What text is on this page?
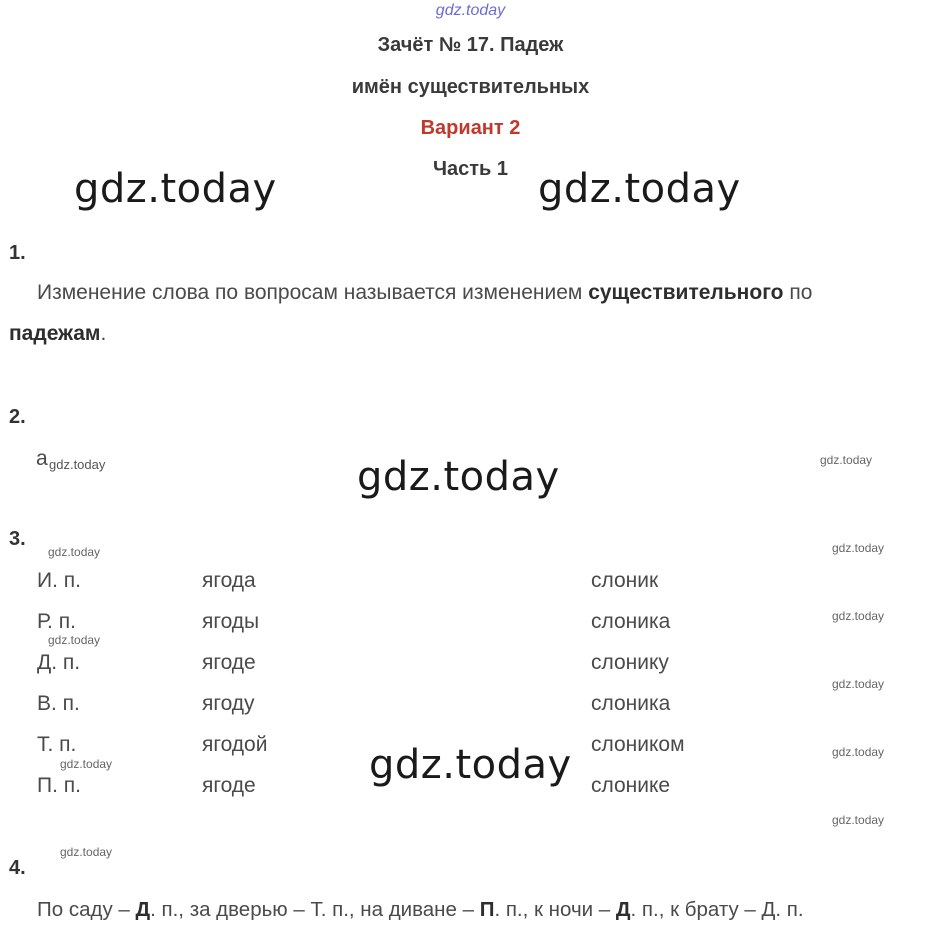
gdz.today
Зачёт № 17. Падеж
имён существительных
Вариант 2
Часть 1
gdz.today	gdz.today
gdz.today
gdz.today
1.
Изменение слова по вопросам называется изменением существительного по
падежам.
2.
а gdz.today	gdz.today
3.
gdz.today	gdz.today
И. п.	ягода	слоник
Р. п.	ягоды	слоника	gdz.today
gdz.today
Д. п.	ягоде	слонику
gdz.today
В. п.	ягоду	слоника
Т. п.	ягодой	слоником	gdz.today
gdz.today
П. п.	ягоде	слонике
gdz.today
gdz.today
4.
По саду – Д. п., за дверью – Т. п., на диване – П. п., к ночи – Д. п., к брату – Д. п.
